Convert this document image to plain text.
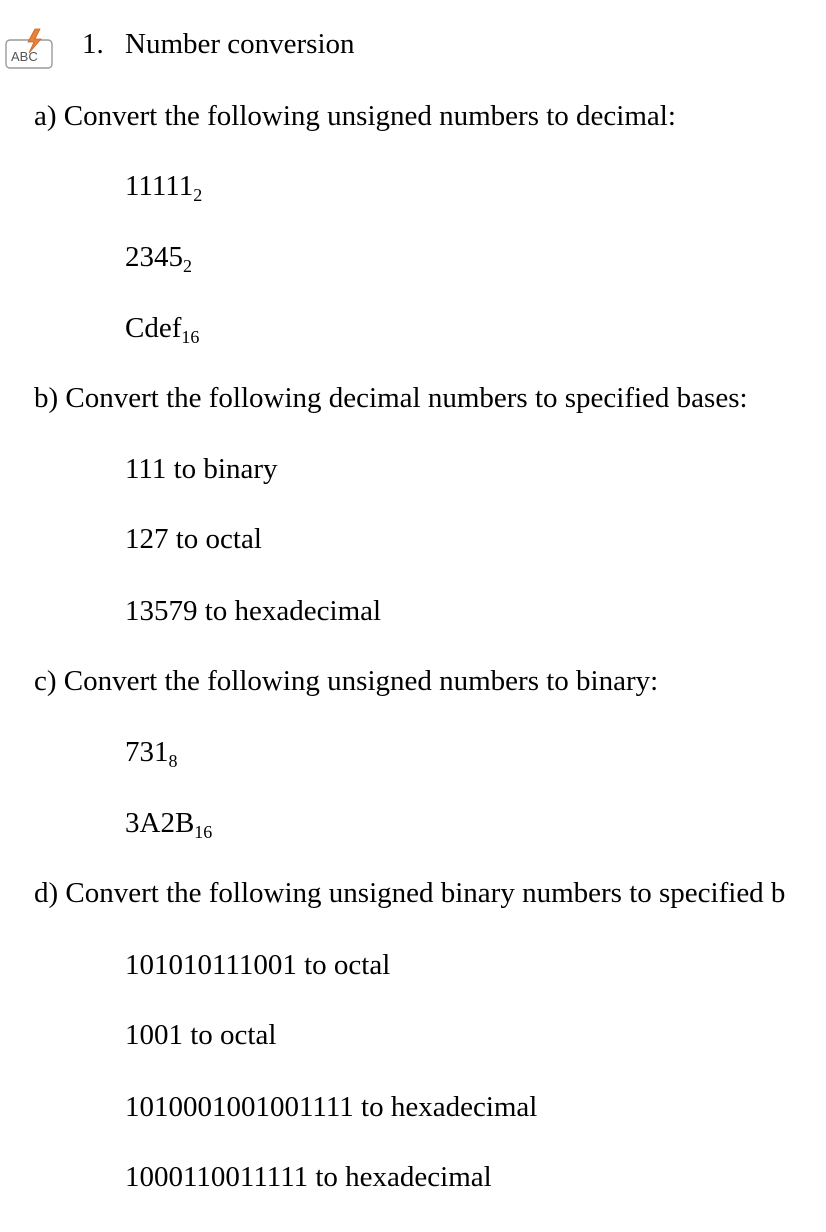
ABC 1. Number conversion
a) Convert the following unsigned numbers to decimal:
$11111_2$
$2345_2$
Cdef$_{16}$
b) Convert the following decimal numbers to specified bases:
111 to binary
127 to octal
13579 to hexadecimal
c) Convert the following unsigned numbers to binary:
$731_8$
$3A2B_{16}$
d) Convert the following unsigned binary numbers to specified b
101010111001 to octal
1001 to octal
1010001001001111 to hexadecimal
1000110011111 to hexadecimal
